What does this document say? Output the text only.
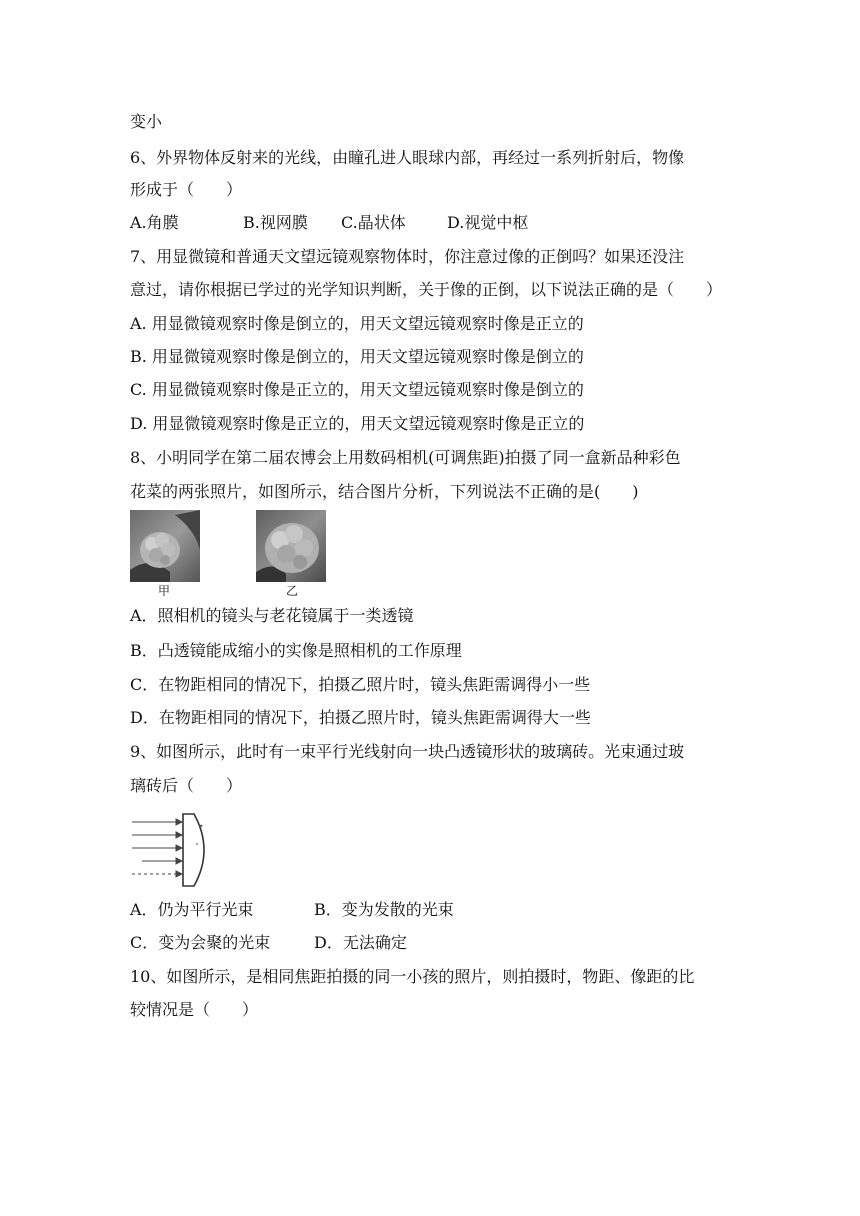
变小
6、外界物体反射来的光线，由瞳孔进人眼球内部，再经过一系列折射后，物像
形成于（　　）
A.角膜	B.视网膜 C.晶状体	D.视觉中枢
7、用显微镜和普通天文望远镜观察物体时，你注意过像的正倒吗？如果还没注
意过，请你根据已学过的光学知识判断，关于像的正倒，以下说法正确的是（　　）
A. 用显微镜观察时像是倒立的，用天文望远镜观察时像是正立的
B. 用显微镜观察时像是倒立的，用天文望远镜观察时像是倒立的
C. 用显微镜观察时像是正立的，用天文望远镜观察时像是倒立的
D. 用显微镜观察时像是正立的，用天文望远镜观察时像是正立的
8、小明同学在第二届农博会上用数码相机(可调焦距)拍摄了同一盒新品种彩色
花菜的两张照片，如图所示，结合图片分析，下列说法不正确的是(　　)
甲	乙
A．照相机的镜头与老花镜属于一类透镜
B．凸透镜能成缩小的实像是照相机的工作原理
C．在物距相同的情况下，拍摄乙照片时，镜头焦距需调得小一些
D．在物距相同的情况下，拍摄乙照片时，镜头焦距需调得大一些
9、如图所示，此时有一束平行光线射向一块凸透镜形状的玻璃砖。光束通过玻
璃砖后（　　）
A．仍为平行光束	B．变为发散的光束
C．变为会聚的光束	D．无法确定
10、如图所示，是相同焦距拍摄的同一小孩的照片，则拍摄时，物距、像距的比
较情况是（　　）
